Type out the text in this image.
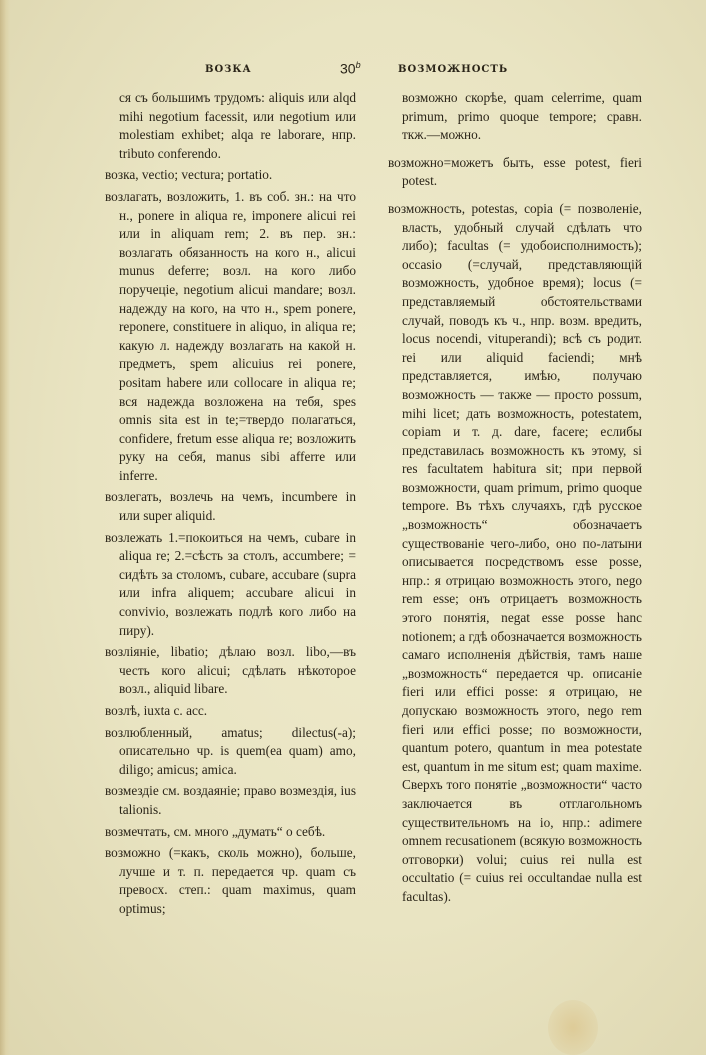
ВОЗКА	30$^b$	ВОЗМОЖНОСТЬ

ся съ большимъ трудомъ: aliquis или alqd mihi negotium facessit, или negotium или molestiam exhibet; alqa re laborare, нпр. tributo conferendo.

возка, vectio; vectura; portatio.

возлагать, возложить, 1. въ соб. зн.: на что н., ponere in aliqua re, imponere alicui rei или in aliquam rem; 2. въ пер. зн.: возлагать обязанность на кого н., alicui munus deferre; возл. на кого либо поручеціе, negotium alicui mandare; возл. надежду на кого, на что н., spem ponere, reponere, constituere in aliquo, in aliqua re; какую л. надежду возлагать на какой н. предметъ, spem alicuius rei ponere, positam habere или collocare in aliqua re; вся надежда возложена на тебя, spes omnis sita est in te;=твердо полагаться, confidere, fretum esse aliqua re; возложить руку на себя, manus sibi afferre или inferre.

возлегать, возлечь на чемъ, incumbere in или super aliquid.

возлежать 1.=покоиться на чемъ, cubare in aliqua re; 2.=сѣсть за столъ, accumbere; = сидѣть за столомъ, cubare, accubare (supra или infra aliquem; accubare alicui in convivio, возлежать подлѣ кого либо на пиру).

возліяніе, libatio; дѣлаю возл. libo,—въ честь кого alicui; сдѣлать нѣкоторое возл., aliquid libare.

возлѣ, iuxta c. acc.

возлюбленный, amatus; dilectus(-a); описательно чр. is quem(ea quam) amo, diligo; amicus; amica.

возмездіе см. воздаяніе; право возмездія, ius talionis.

возмечтать, см. много „думать“ о себѣ.

возможно (=какъ, сколь можно), больше, лучше и т. п. передается чр. quam съ превосх. степ.: quam maximus, quam optimus;

возможно скорѣе, quam celerrime, quam primum, primo quoque tempore; сравн. ткж.—можно.

возможно=можетъ быть, esse potest, fieri potest.

возможность, potestas, copia (= позволеніе, власть, удобный случай сдѣлать что либо); facultas (= удобоисполнимость); occasio (=случай, представляющій возможность, удобное время); locus (= представляемый обстоятельствами случай, поводъ къ ч., нпр. возм. вредить, locus nocendi, vituperandi); всѣ съ родит. rei или aliquid faciendi; мнѣ представляется, имѣю, получаю возможность — также — просто possum, mihi licet; дать возможность, potestatem, copiam и т. д. dare, facere; еслибы представилась возможность къ этому, si res facultatem habitura sit; при первой возможности, quam primum, primo quoque tempore. Въ тѣхъ случаяхъ, гдѣ русское „возможность“ обозначаетъ существованіе чего-либо, оно по-латыни описывается посредствомъ esse posse, нпр.: я отрицаю возможность этого, nego rem esse; онъ отрицаетъ возможность этого понятія, negat esse posse hanc notionem; а гдѣ обозначается возможность самаго исполненія дѣйствія, тамъ наше „возможность“ передается чр. описаніе fieri или effici posse: я отрицаю, не допускаю возможность этого, nego rem fieri или effici posse; по возможности, quantum potero, quantum in mea potestate est, quantum in me situm est; quam maxime. Сверхъ того понятіе „возможности“ часто заключается въ отглагольномъ существительномъ на io, нпр.: adimere omnem recusationem (всякую возможность отговорки) volui; cuius rei nulla est occultatio (= cuius rei occultandae nulla est facultas).
